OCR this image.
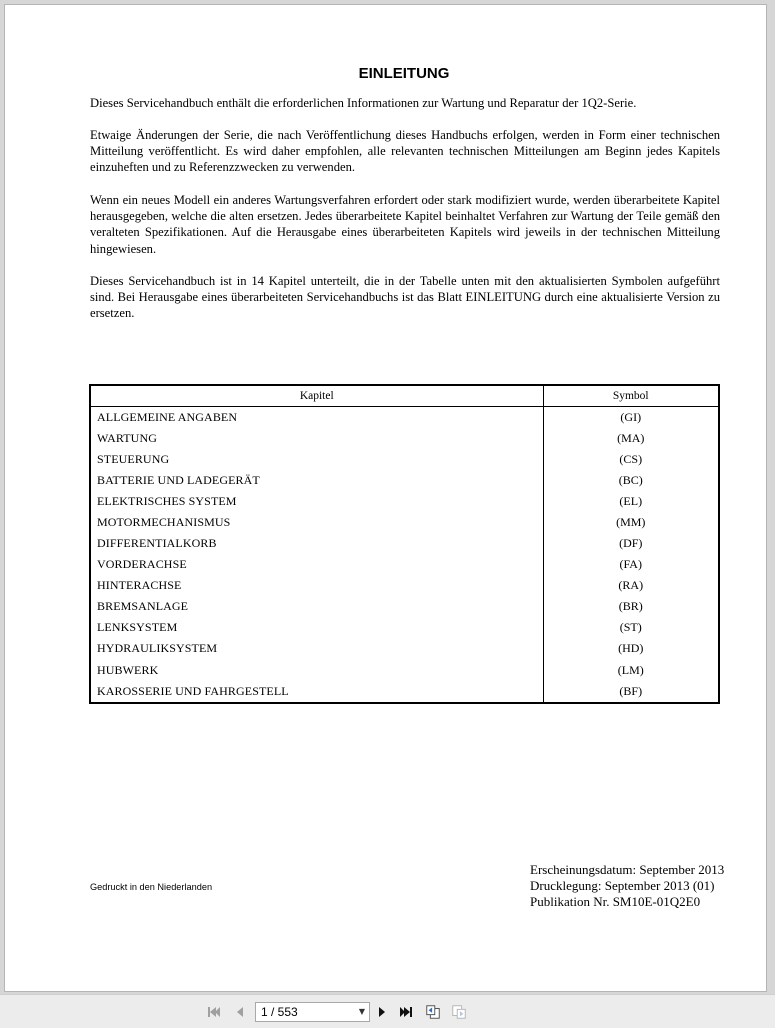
EINLEITUNG
Dieses Servicehandbuch enthält die erforderlichen Informationen zur Wartung und Reparatur der 1Q2-Serie.
Etwaige Änderungen der Serie, die nach Veröffentlichung dieses Handbuchs erfolgen, werden in Form einer technischen Mitteilung veröffentlicht. Es wird daher empfohlen, alle relevanten technischen Mitteilungen am Beginn jedes Kapitels einzuheften und zu Referenzzwecken zu verwenden.
Wenn ein neues Modell ein anderes Wartungsverfahren erfordert oder stark modifiziert wurde, werden überarbeitete Kapitel herausgegeben, welche die alten ersetzen. Jedes überarbeitete Kapitel beinhaltet Verfahren zur Wartung der Teile gemäß den veralteten Spezifikationen. Auf die Herausgabe eines überarbeiteten Kapitels wird jeweils in der technischen Mitteilung hingewiesen.
Dieses Servicehandbuch ist in 14 Kapitel unterteilt, die in der Tabelle unten mit den aktualisierten Symbolen aufgeführt sind. Bei Herausgabe eines überarbeiteten Servicehandbuchs ist das Blatt EINLEITUNG durch eine aktualisierte Version zu ersetzen.
Kapitel	Symbol
ALLGEMEINE ANGABEN	(GI)
WARTUNG	(MA)
STEUERUNG	(CS)
BATTERIE UND LADEGERÄT	(BC)
ELEKTRISCHES SYSTEM	(EL)
MOTORMECHANISMUS	(MM)
DIFFERENTIALKORB	(DF)
VORDERACHSE	(FA)
HINTERACHSE	(RA)
BREMSANLAGE	(BR)
LENKSYSTEM	(ST)
HYDRAULIKSYSTEM	(HD)
HUBWERK	(LM)
KAROSSERIE UND FAHRGESTELL	(BF)
Gedruckt in den Niederlanden
Erscheinungsdatum: September 2013
Drucklegung: September 2013 (01)
Publikation Nr. SM10E-01Q2E0
1 / 553	▼
